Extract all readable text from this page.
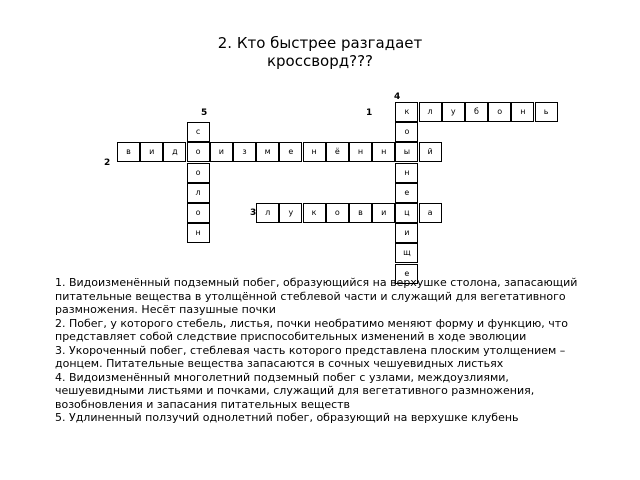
2. Кто быстрее разгадает
кроссворд???
1
2
3
4
5	к	л	у	б	о	н	ь
в	и	д	о	и	з	м	е	н	ё	н	н	ы	й
л	у	к	о	в	и	ц	а
о
н
е
и
щ
е
с
о
л
о
н

1. Видоизменённый подземный побег, образующийся на верхушке столона, запасающий питательные вещества в утолщённой стеблевой части и служащий для вегетативного размножения. Несёт пазушные почки

2. Побег, у которого стебель, листья, почки необратимо меняют форму и функцию, что представляет собой следствие приспособительных изменений в ходе эволюции

3. Укороченный побег, стеблевая часть которого представлена плоским утолщением – донцем. Питательные вещества запасаются в сочных чешуевидных листьях

4. Видоизменённый многолетний подземный побег с узлами, междоузлиями, чешуевидными листьями и почками, служащий для вегетативного размножения, возобновления и запасания питательных веществ

5. Удлиненный ползучий однолетний побег, образующий на верхушке клубень
